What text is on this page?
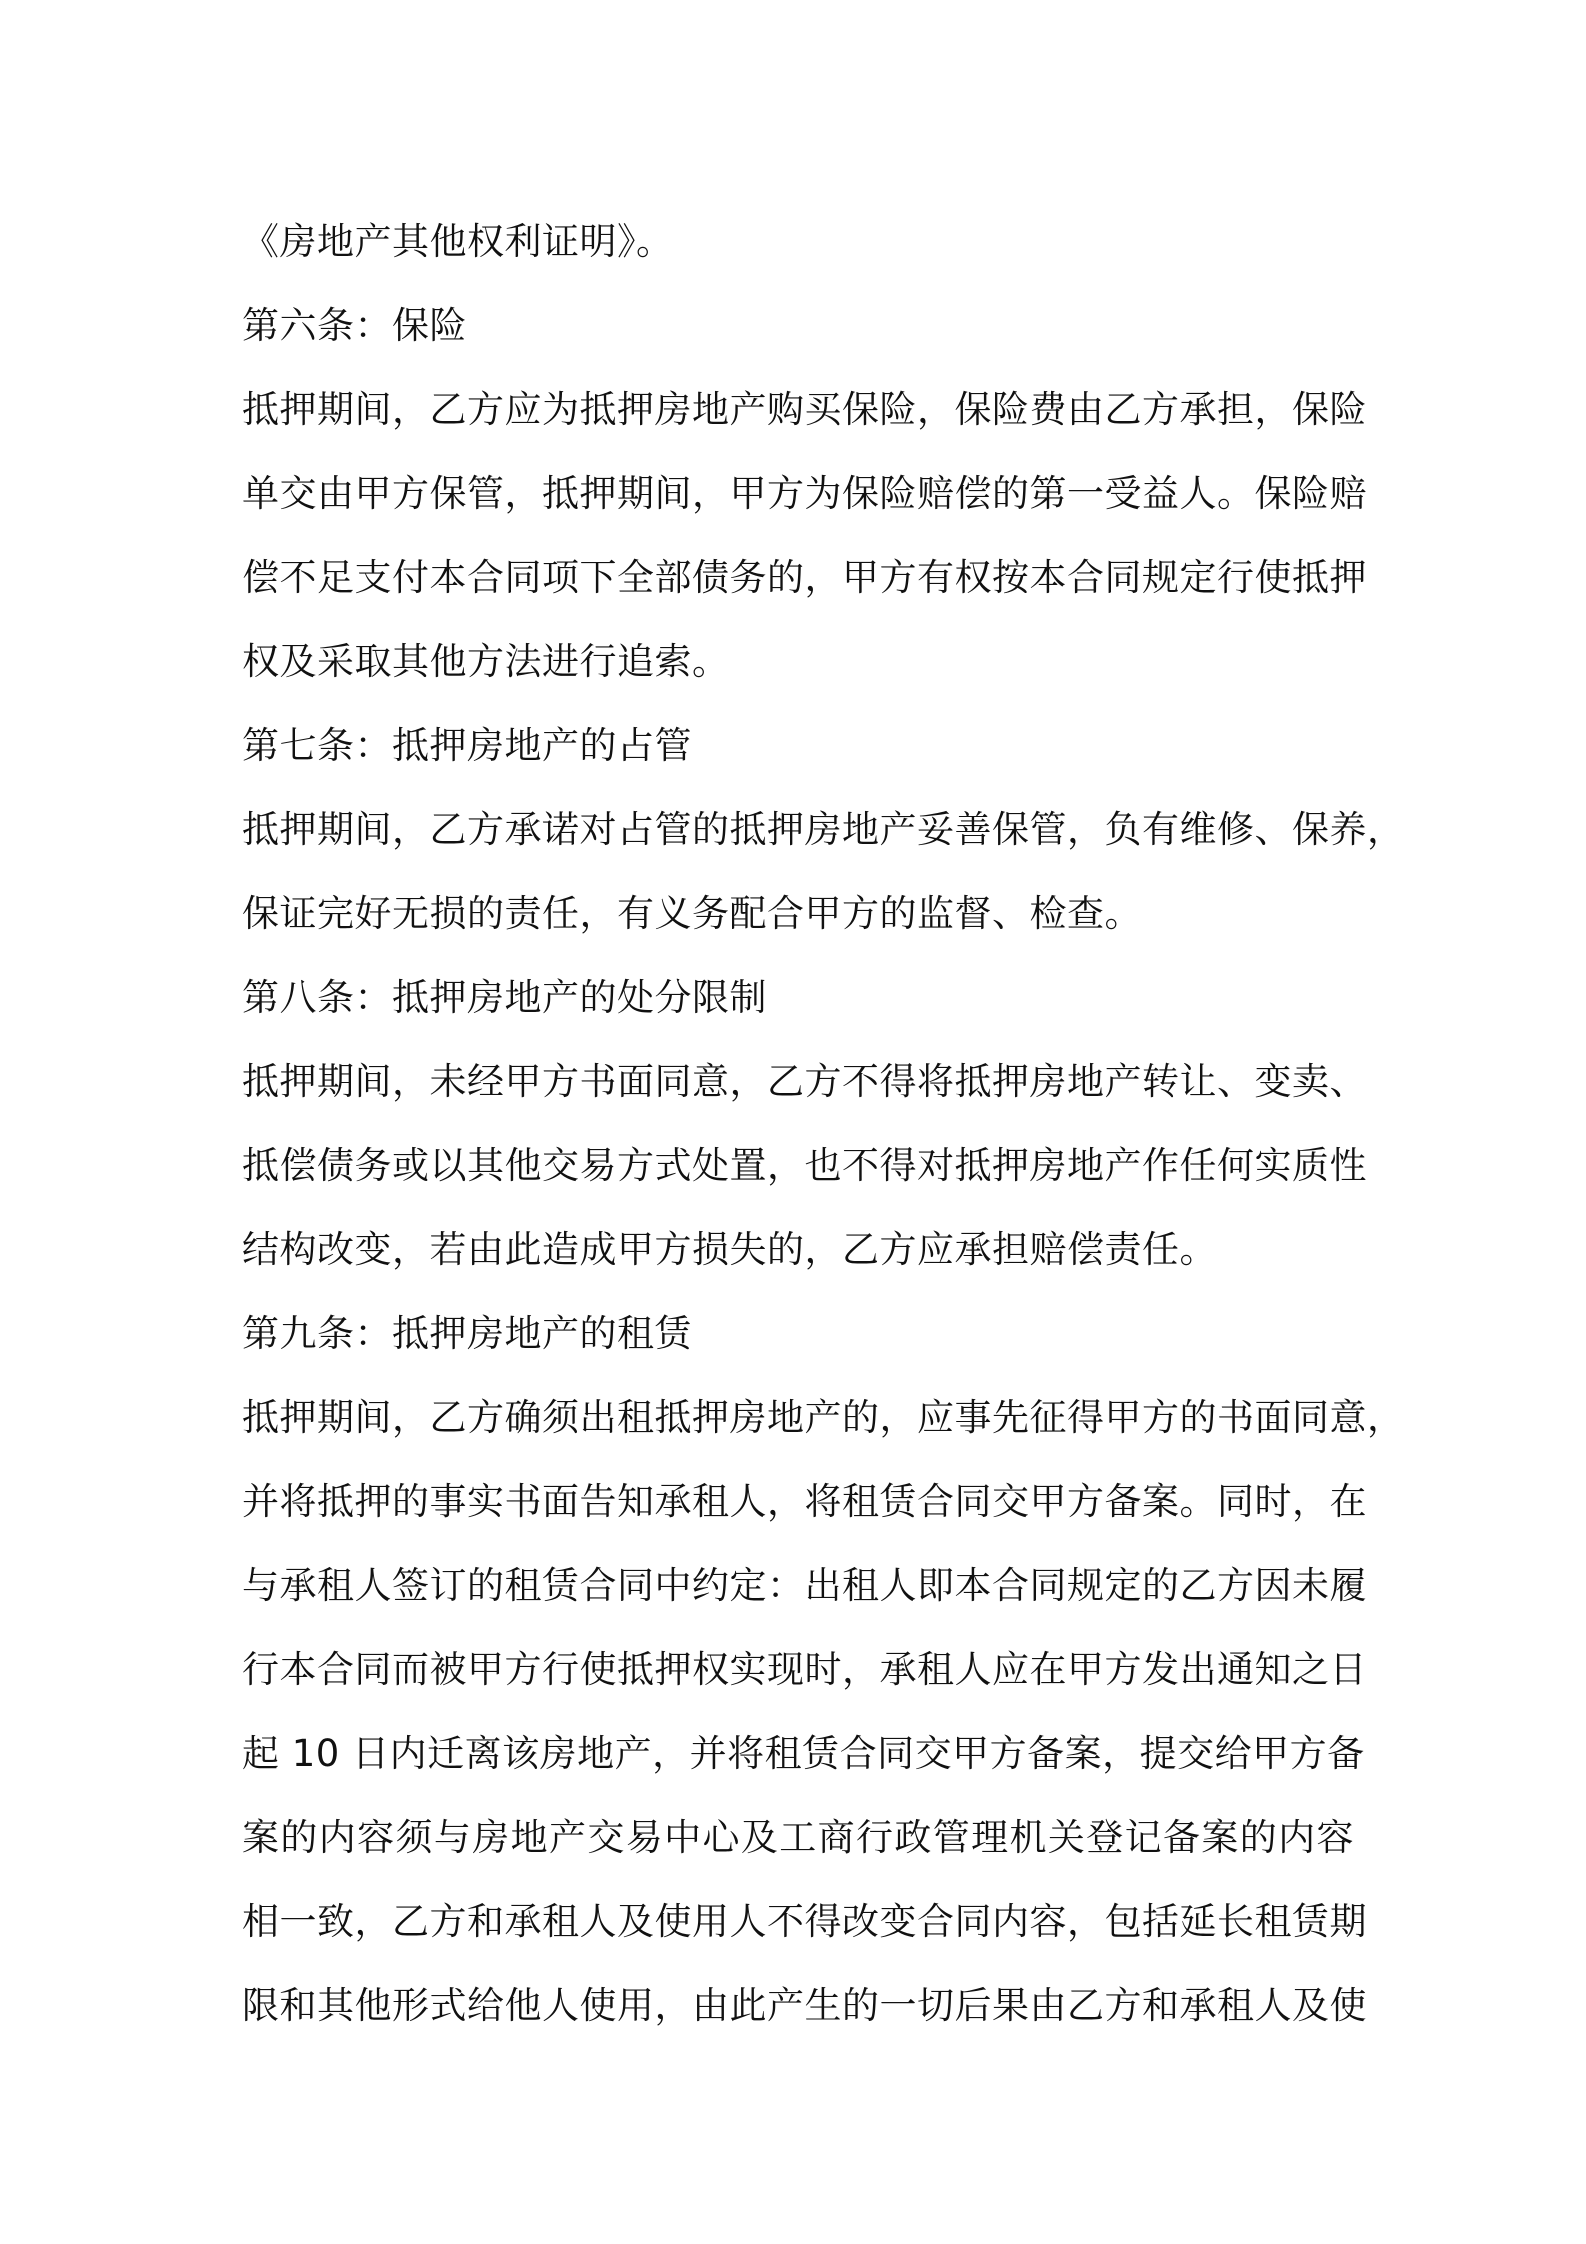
《房地产其他权利证明》。
第六条：保险
抵押期间，乙方应为抵押房地产购买保险，保险费由乙方承担，保险
单交由甲方保管，抵押期间，甲方为保险赔偿的第一受益人。保险赔
偿不足支付本合同项下全部债务的，甲方有权按本合同规定行使抵押
权及采取其他方法进行追索。
第七条：抵押房地产的占管
抵押期间，乙方承诺对占管的抵押房地产妥善保管，负有维修、保养，
保证完好无损的责任，有义务配合甲方的监督、检查。
第八条：抵押房地产的处分限制
抵押期间，未经甲方书面同意，乙方不得将抵押房地产转让、变卖、
抵偿债务或以其他交易方式处置，也不得对抵押房地产作任何实质性
结构改变，若由此造成甲方损失的，乙方应承担赔偿责任。
第九条：抵押房地产的租赁
抵押期间，乙方确须出租抵押房地产的，应事先征得甲方的书面同意，
并将抵押的事实书面告知承租人，将租赁合同交甲方备案。同时，在
与承租人签订的租赁合同中约定：出租人即本合同规定的乙方因未履
行本合同而被甲方行使抵押权实现时，承租人应在甲方发出通知之日
起 10 日内迁离该房地产，并将租赁合同交甲方备案，提交给甲方备
案的内容须与房地产交易中心及工商行政管理机关登记备案的内容
相一致，乙方和承租人及使用人不得改变合同内容，包括延长租赁期
限和其他形式给他人使用，由此产生的一切后果由乙方和承租人及使
